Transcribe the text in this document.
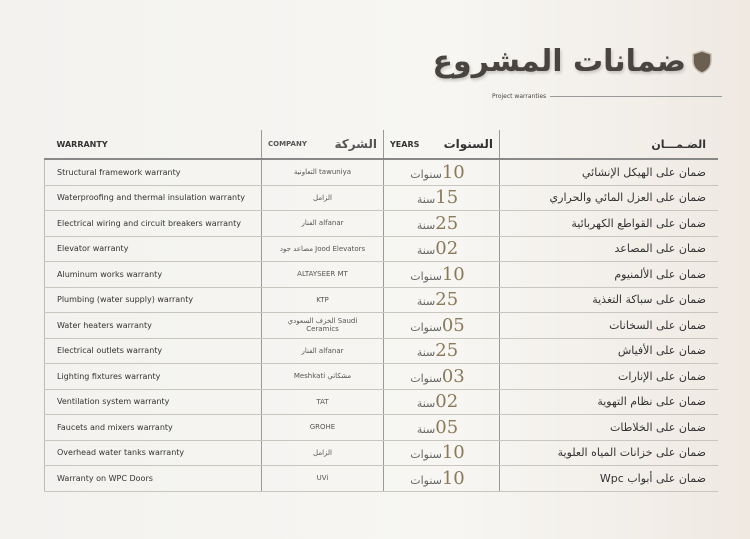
ضمانات المشروع
Project warranties
WARRANTY	COMPANY الشركة	YEARS السنوات	الضـمـــان
Structural framework warranty	التعاونية tawuniya	10سنوات	ضمان على الهيكل الإنشائي
Waterproofing and thermal insulation warranty	الزامل	15سنة	ضمان على العزل المائي والحراري
Electrical wiring and circuit breakers warranty	الفنار alfanar	25سنة	ضمان على القواطع الكهربائية
Elevator warranty	مصاعد جود Jood Elevators	02سنة	ضمان على المصاعد
Aluminum works warranty	ALTAYSEER MT	10سنوات	ضمان على الألمنيوم
Plumbing (water supply) warranty	KTP	25سنة	ضمان على سباكة التغذية
Water heaters warranty	الخزف السعودي Saudi Ceramics	05سنوات	ضمان على السخانات
Electrical outlets warranty	الفنار alfanar	25سنة	ضمان على الأفياش
Lighting fixtures warranty	Meshkati مشكاتي	03سنوات	ضمان على الإنارات
Ventilation system warranty	TAT	02سنة	ضمان على نظام التهوية
Faucets and mixers warranty	GROHE	05سنة	ضمان على الخلاطات
Overhead water tanks warranty	الزامل	10سنوات	ضمان على خزانات المياه العلوية
Warranty on WPC Doors	UVi	10سنوات	ضمان على أبواب Wpc
